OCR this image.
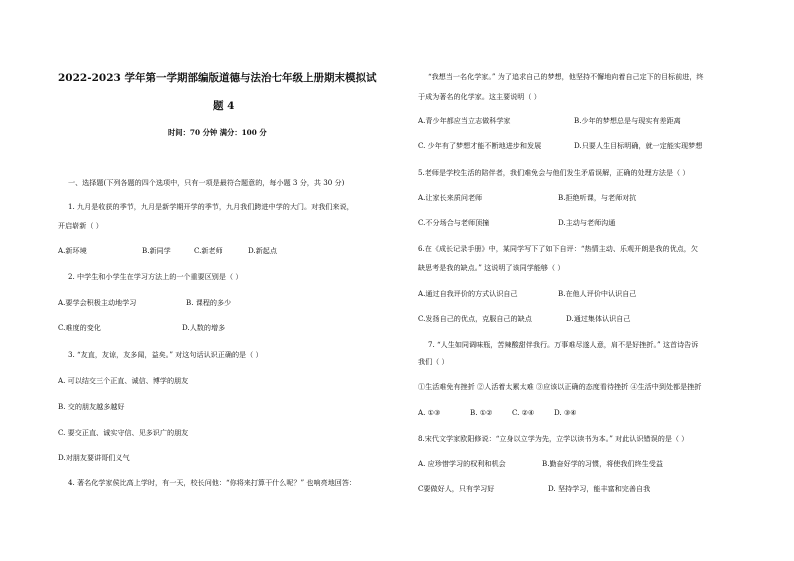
2022-2023 学年第一学期部编版道德与法治七年级上册期末模拟试
题 4
时间：70 分钟 满分：100 分
一、选择题(下列各题的四个选项中，只有一项是最符合题意的，每小题 3 分，共 30 分)
1. 九月是收获的季节，九月是新学期开学的季节，九月我们跨进中学的大门。对我们来说，
开启崭新（ ）
A.新环境	B.新同学	C.新老师	D.新起点
2. 中学生和小学生在学习方法上的一个重要区别是（ ）
A.要学会积极主动地学习	B. 课程的多少
C.难度的变化	D.人数的增多
3. “友直，友谅，友多闻，益矣。” 对这句话认识正确的是（ ）
A. 可以结交三个正直、诚信、博学的朋友
B. 交的朋友越多越好
C. 要交正直、诚实守信、见多识广的朋友
D.对朋友要讲哥们义气
4. 著名化学家侯比高上学时，有一天，校长问他：“你将来打算干什么呢？” 也响亮地回答：
“我想当一名化学家。” 为了追求自己的梦想，他坚持不懈地向着自己定下的目标前进，终
于成为著名的化学家。这主要说明（ ）
A.青少年都应当立志做科学家	B.少年的梦想总是与现实有差距离
C. 少年有了梦想才能不断地进步和发展	D.只要人生目标明确，就一定能实现梦想
5.老师是学校生活的陪伴者，我们难免会与他们发生矛盾误解，正确的处理方法是（ ）
A.让家长来质问老师	B.拒绝听课，与老师对抗
C.不分场合与老师顶撞	D.主动与老师沟通
6.在《成长记录手册》中，某同学写下了如下自评：“热情主动、乐观开朗是我的优点，欠
缺思考是我的缺点。” 这说明了该同学能够（ ）
A.通过自我评价的方式认识自己	B.在他人评价中认识自己
C.发扬自己的优点，克服自己的缺点	D.通过集体认识自己
7. “人生如同调味瓶，苦辣酸甜伴我行。万事难尽遂人意，肩不是好挫折。” 这首诗告诉
我们（ ）
①生活难免有挫折 ②人活着太累太难 ③应该以正确的态度看待挫折 ④生活中到处都是挫折
A. ①③	B. ①②	C. ②④	D. ③④
8.宋代文学家欧阳修说：“立身以立学为先，立学以读书为本。” 对此认识错误的是（ ）
A. 应珍惜学习的权利和机会	B.勤奋好学的习惯，将使我们终生受益
C要做好人，只有学习好	D. 坚持学习，能丰富和完善自我
